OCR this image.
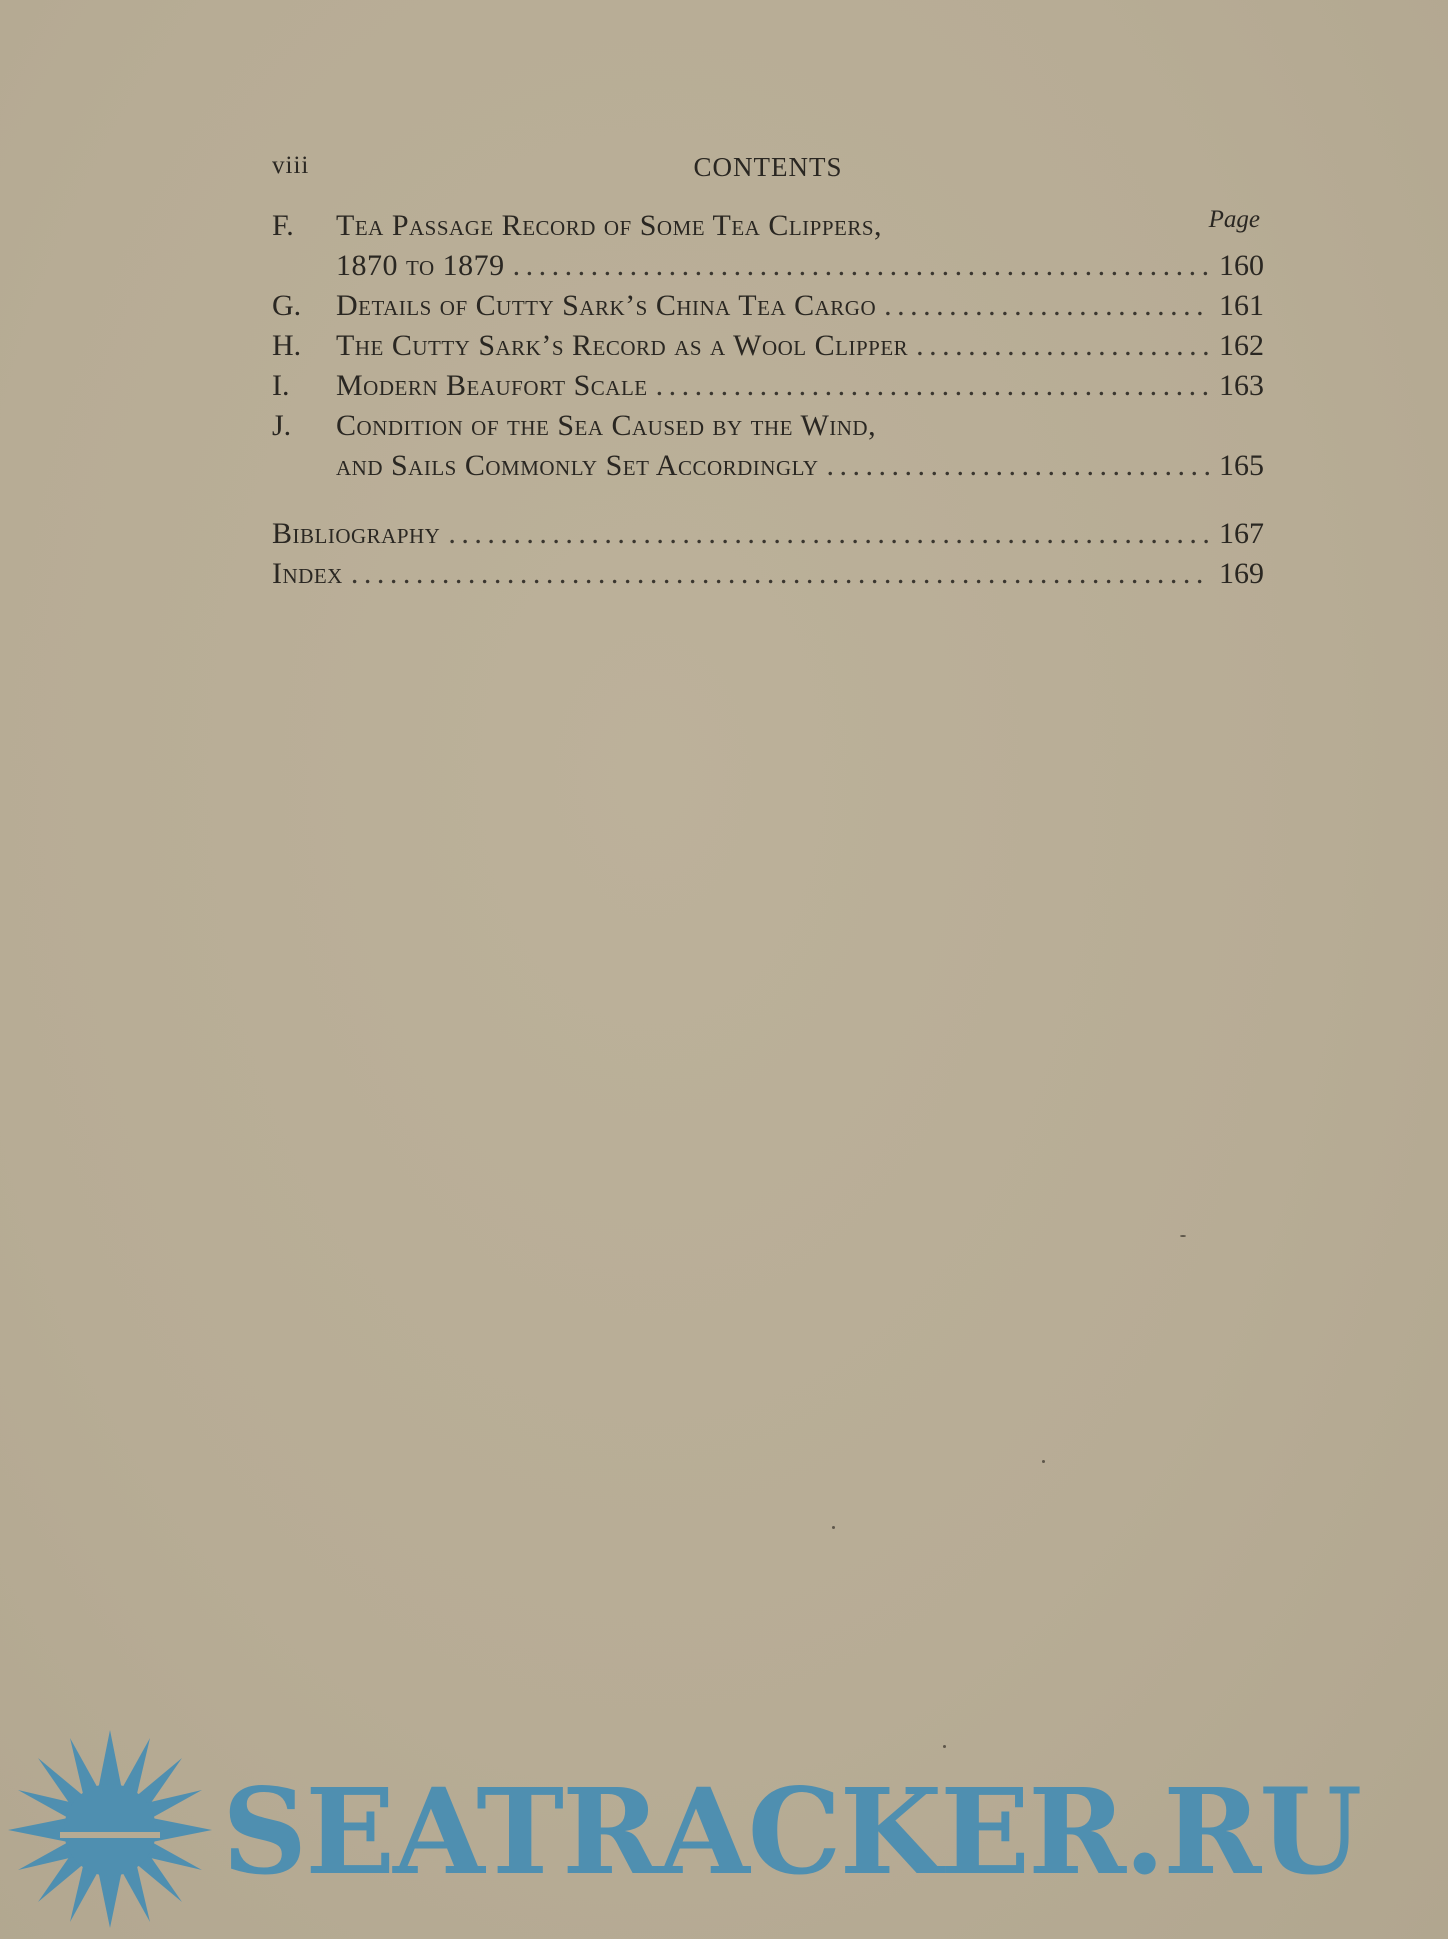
viii	CONTENTS
Page
F.	Tea Passage Record of Some Tea Clippers,
1870 to 1879 . . .	160
G.	Details of Cutty Sark’s China Tea Cargo . . .	161
H.	The Cutty Sark’s Record as a Wool Clipper . . .	162
I.	Modern Beaufort Scale . . .	163
J.	Condition of the Sea Caused by the Wind,
and Sails Commonly Set Accordingly . . .	165
Bibliography . . .	167
Index . . .	169
SEATRACKER.RU
